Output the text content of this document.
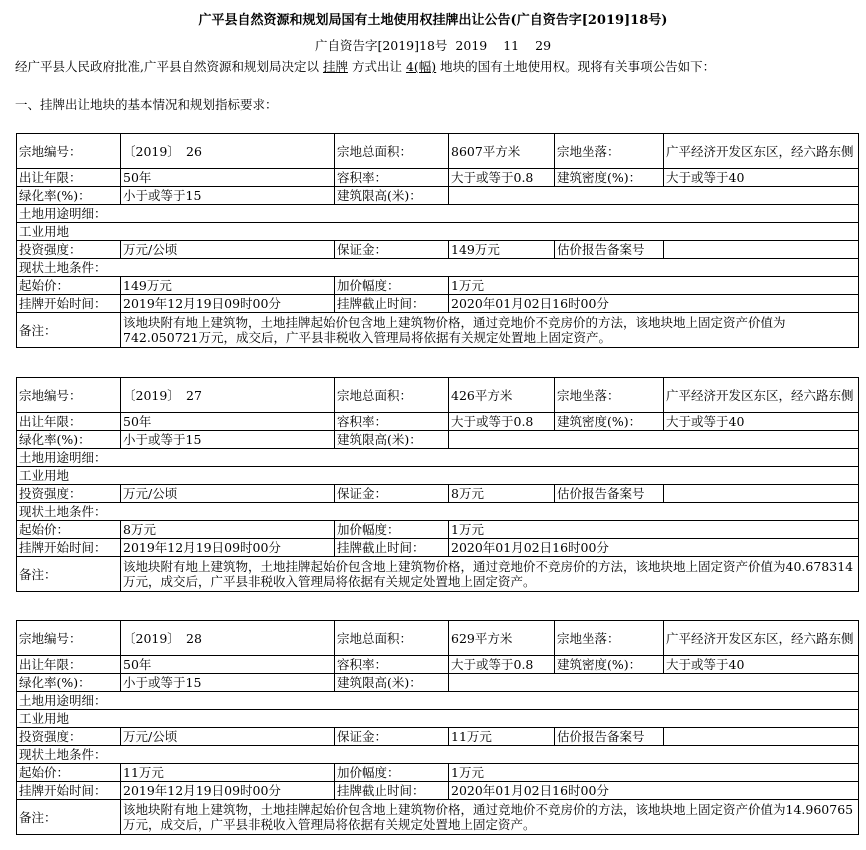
广平县自然资源和规划局国有土地使用权挂牌出让公告(广自资告字[2019]18号)
广自资告字[2019]18号 2019 11 29
经广平县人民政府批准,广平县自然资源和规划局决定以 挂牌 方式出让 4(幅) 地块的国有土地使用权。现将有关事项公告如下：
一、挂牌出让地块的基本情况和规划指标要求：
宗地编号：	〔2019〕　26	宗地总面积：	8607平方米	宗地坐落：	广平经济开发区东区，经六路东侧
出让年限：	50年	容积率：	大于或等于0.8	建筑密度(%)：	大于或等于40
绿化率(%)：	小于或等于15	建筑限高(米)：			
土地用途明细：					
工业用地					
投资强度：	万元/公顷	保证金：	149万元	估价报告备案号	
现状土地条件：					
起始价：	149万元	加价幅度：	1万元		
挂牌开始时间：	2019年12月19日09时00分	挂牌截止时间：	2020年01月02日16时00分		
备注：	该地块附有地上建筑物，土地挂牌起始价包含地上建筑物价格，通过竞地价不竞房价的方法，该地块地上固定资产价值为742.050721万元，成交后，广平县非税收入管理局将依据有关规定处置地上固定资产。				
宗地编号：	〔2019〕　27	宗地总面积：	426平方米	宗地坐落：	广平经济开发区东区，经六路东侧
出让年限：	50年	容积率：	大于或等于0.8	建筑密度(%)：	大于或等于40
绿化率(%)：	小于或等于15	建筑限高(米)：			
土地用途明细：					
工业用地					
投资强度：	万元/公顷	保证金：	8万元	估价报告备案号	
现状土地条件：					
起始价：	8万元	加价幅度：	1万元		
挂牌开始时间：	2019年12月19日09时00分	挂牌截止时间：	2020年01月02日16时00分		
备注：	该地块附有地上建筑物，土地挂牌起始价包含地上建筑物价格，通过竞地价不竞房价的方法，该地块地上固定资产价值为40.678314万元，成交后，广平县非税收入管理局将依据有关规定处置地上固定资产。				
宗地编号：	〔2019〕　28	宗地总面积：	629平方米	宗地坐落：	广平经济开发区东区，经六路东侧
出让年限：	50年	容积率：	大于或等于0.8	建筑密度(%)：	大于或等于40
绿化率(%)：	小于或等于15	建筑限高(米)：			
土地用途明细：					
工业用地					
投资强度：	万元/公顷	保证金：	11万元	估价报告备案号	
现状土地条件：					
起始价：	11万元	加价幅度：	1万元		
挂牌开始时间：	2019年12月19日09时00分	挂牌截止时间：	2020年01月02日16时00分		
备注：	该地块附有地上建筑物，土地挂牌起始价包含地上建筑物价格，通过竞地价不竞房价的方法，该地块地上固定资产价值为14.960765万元，成交后，广平县非税收入管理局将依据有关规定处置地上固定资产。				
